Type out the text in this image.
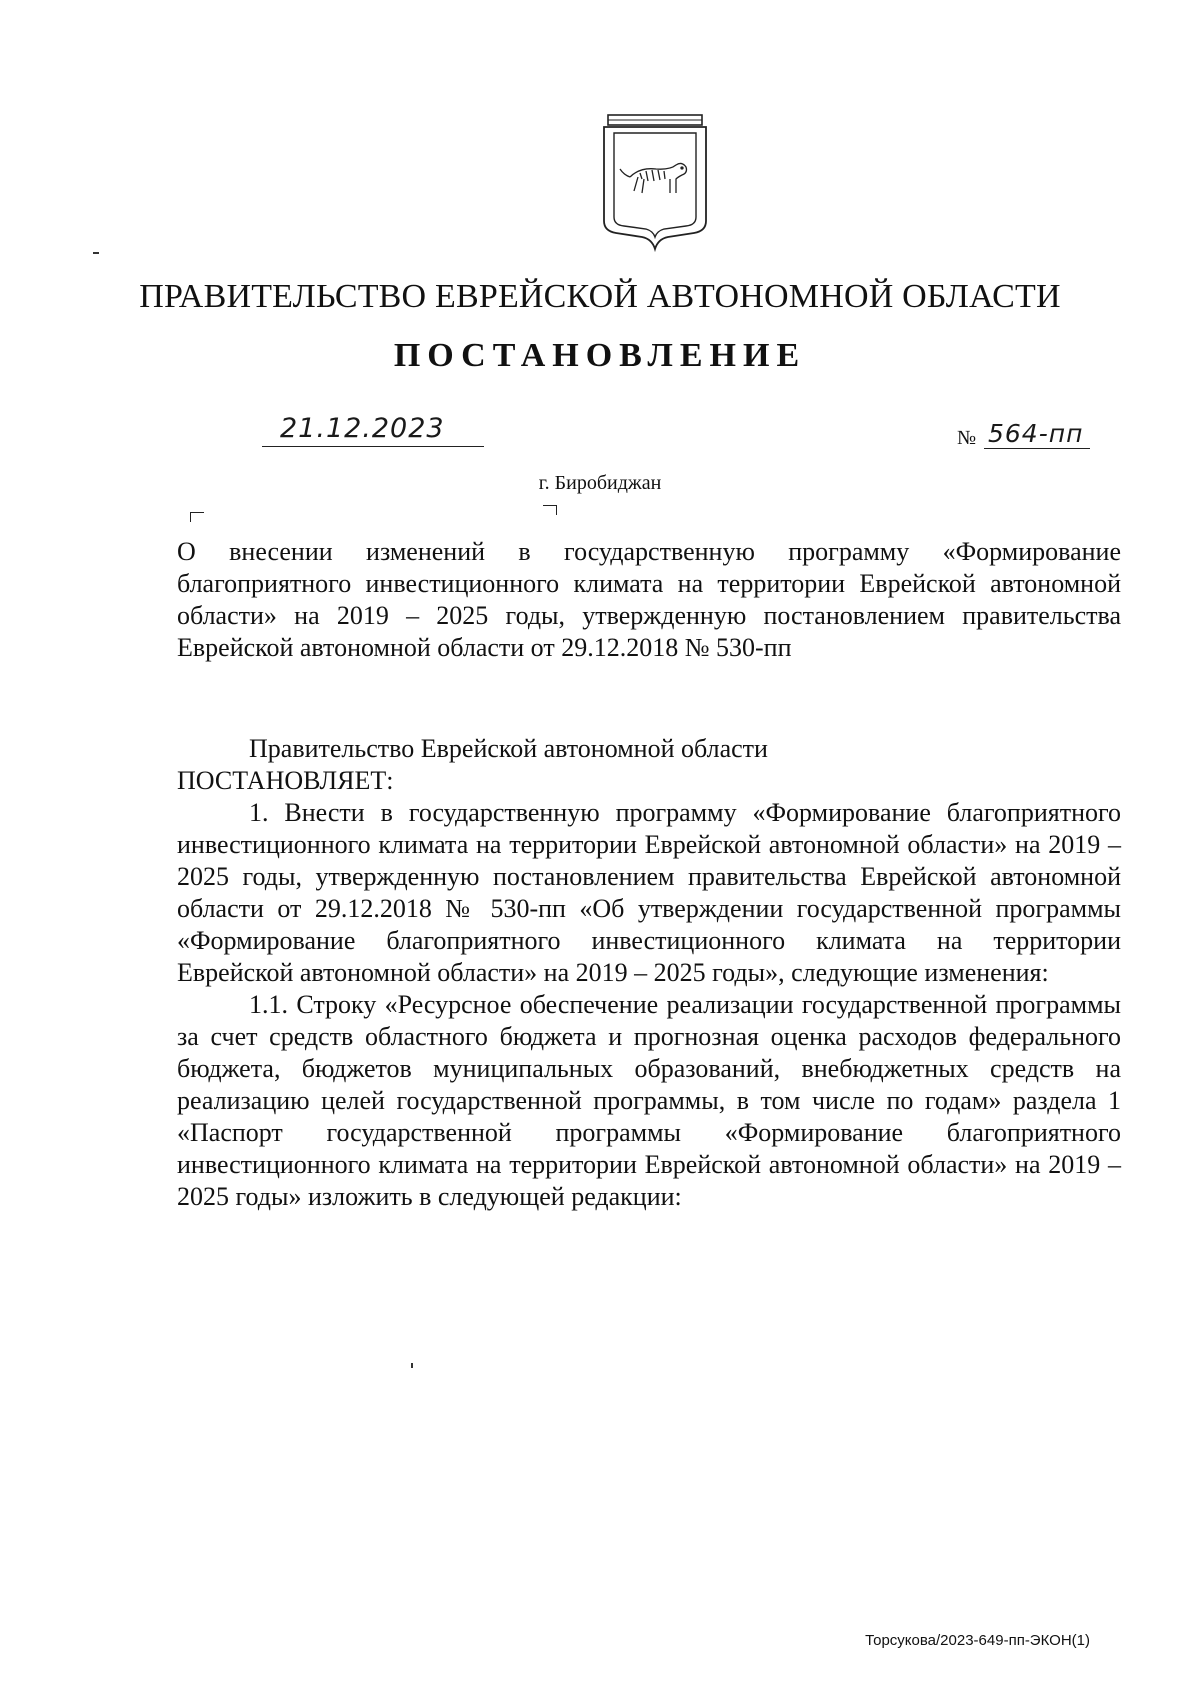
ПРАВИТЕЛЬСТВО ЕВРЕЙСКОЙ АВТОНОМНОЙ ОБЛАСТИ
ПОСТАНОВЛЕНИЕ
21.12.2023	№ 564-пп
г. Биробиджан
О внесении изменений в государственную программу «Формирование благоприятного инвестиционного климата на территории Еврейской автономной области» на 2019 – 2025 годы, утвержденную постановлением правительства Еврейской автономной области от 29.12.2018 № 530-пп
Правительство Еврейской автономной области
ПОСТАНОВЛЯЕТ:
1. Внести в государственную программу «Формирование благоприятного инвестиционного климата на территории Еврейской автономной области» на 2019 – 2025 годы, утвержденную постановлением правительства Еврейской автономной области от 29.12.2018 № 530-пп «Об утверждении государственной программы «Формирование благоприятного инвестиционного климата на территории Еврейской автономной области» на 2019 – 2025 годы», следующие изменения:
1.1. Строку «Ресурсное обеспечение реализации государственной программы за счет средств областного бюджета и прогнозная оценка расходов федерального бюджета, бюджетов муниципальных образований, внебюджетных средств на реализацию целей государственной программы, в том числе по годам» раздела 1 «Паспорт государственной программы «Формирование благоприятного инвестиционного климата на территории Еврейской автономной области» на 2019 – 2025 годы» изложить в следующей редакции:
Торсукова/2023-649-пп-ЭКОН(1)
